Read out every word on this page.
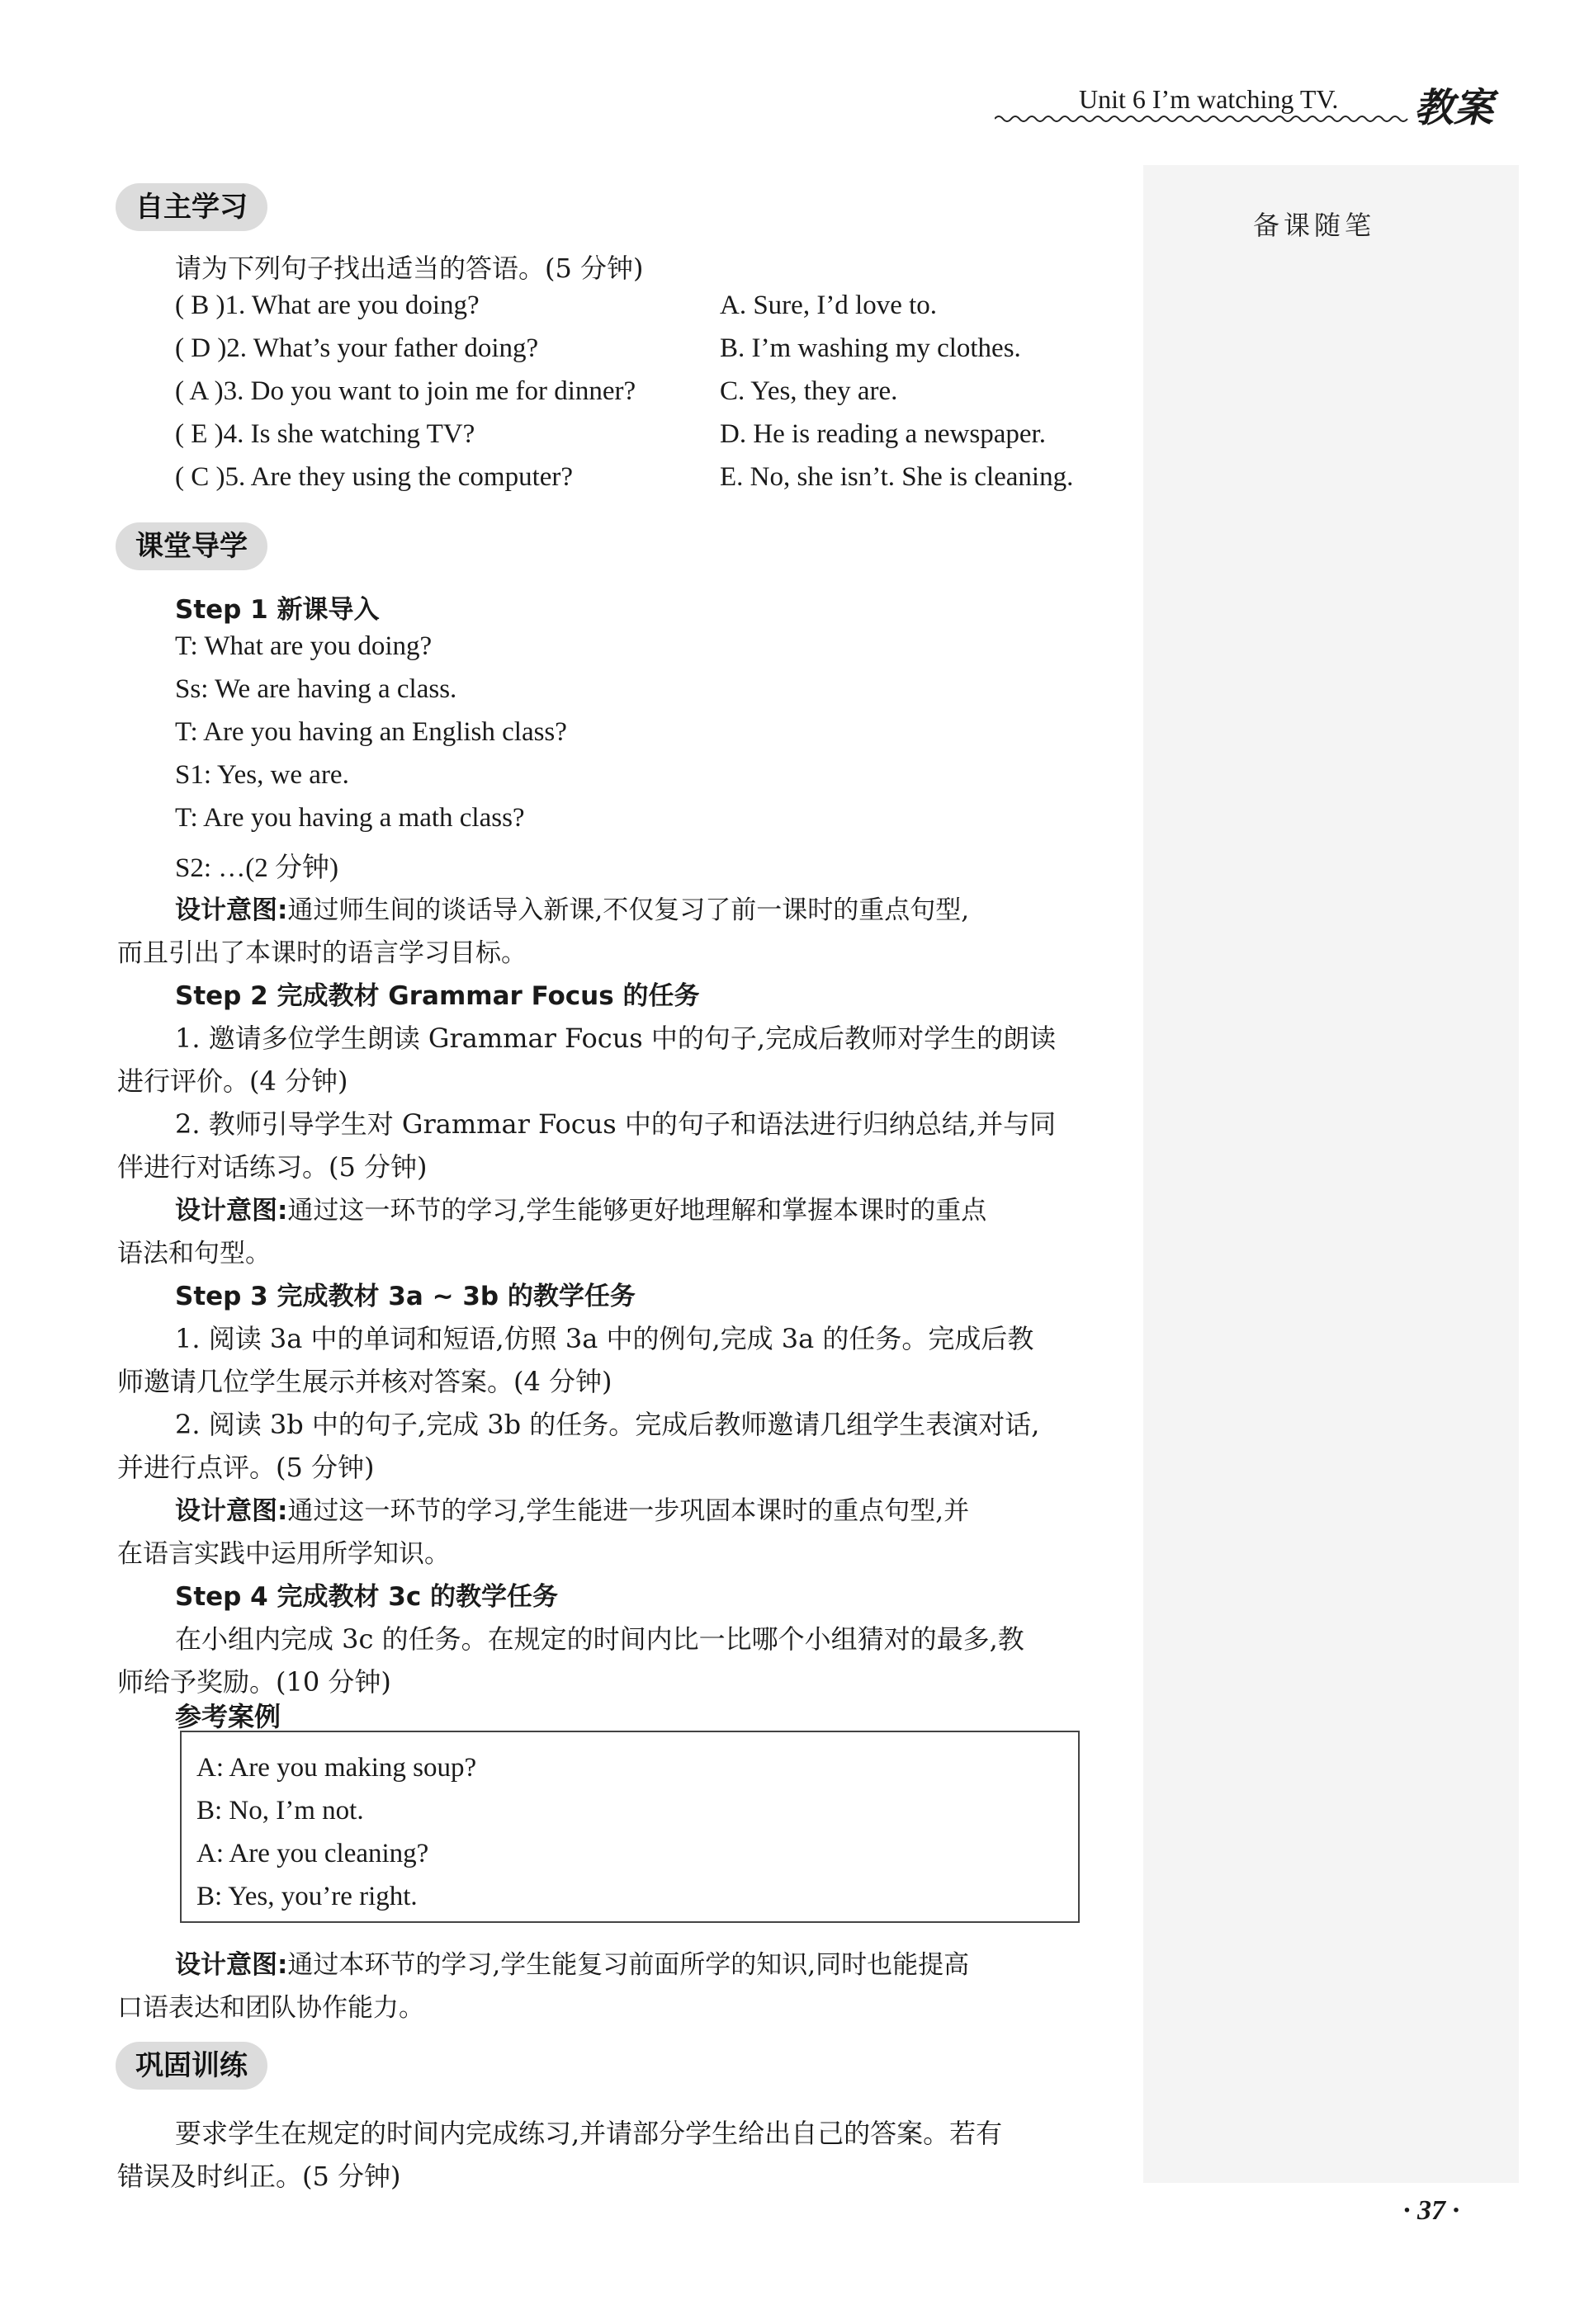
Unit 6 I’m watching TV. 教案
备课随笔
自主学习
请为下列句子找出适当的答语。(5 分钟)
( B )1. What are you doing?
( D )2. What’s your father doing?
( A )3. Do you want to join me for dinner?
( E )4. Is she watching TV?
( C )5. Are they using the computer?
A. Sure, I’d love to.
B. I’m washing my clothes.
C. Yes, they are.
D. He is reading a newspaper.
E. No, she isn’t. She is cleaning.
课堂导学
Step 1 新课导入
T: What are you doing?
Ss: We are having a class.
T: Are you having an English class?
S1: Yes, we are.
T: Are you having a math class?
S2: …(2 分钟)
设计意图:通过师生间的谈话导入新课,不仅复习了前一课时的重点句型,
而且引出了本课时的语言学习目标。
Step 2 完成教材 Grammar Focus 的任务
1. 邀请多位学生朗读 Grammar Focus 中的句子,完成后教师对学生的朗读
进行评价。(4 分钟)
2. 教师引导学生对 Grammar Focus 中的句子和语法进行归纳总结,并与同
伴进行对话练习。(5 分钟)
设计意图:通过这一环节的学习,学生能够更好地理解和掌握本课时的重点
语法和句型。
Step 3 完成教材 3a ~ 3b 的教学任务
1. 阅读 3a 中的单词和短语,仿照 3a 中的例句,完成 3a 的任务。完成后教
师邀请几位学生展示并核对答案。(4 分钟)
2. 阅读 3b 中的句子,完成 3b 的任务。完成后教师邀请几组学生表演对话,
并进行点评。(5 分钟)
设计意图:通过这一环节的学习,学生能进一步巩固本课时的重点句型,并
在语言实践中运用所学知识。
Step 4 完成教材 3c 的教学任务
在小组内完成 3c 的任务。在规定的时间内比一比哪个小组猜对的最多,教
师给予奖励。(10 分钟)
参考案例
A: Are you making soup?
B: No, I’m not.
A: Are you cleaning?
B: Yes, you’re right.
设计意图:通过本环节的学习,学生能复习前面所学的知识,同时也能提高
口语表达和团队协作能力。
巩固训练
要求学生在规定的时间内完成练习,并请部分学生给出自己的答案。若有
错误及时纠正。(5 分钟)
· 37 ·
